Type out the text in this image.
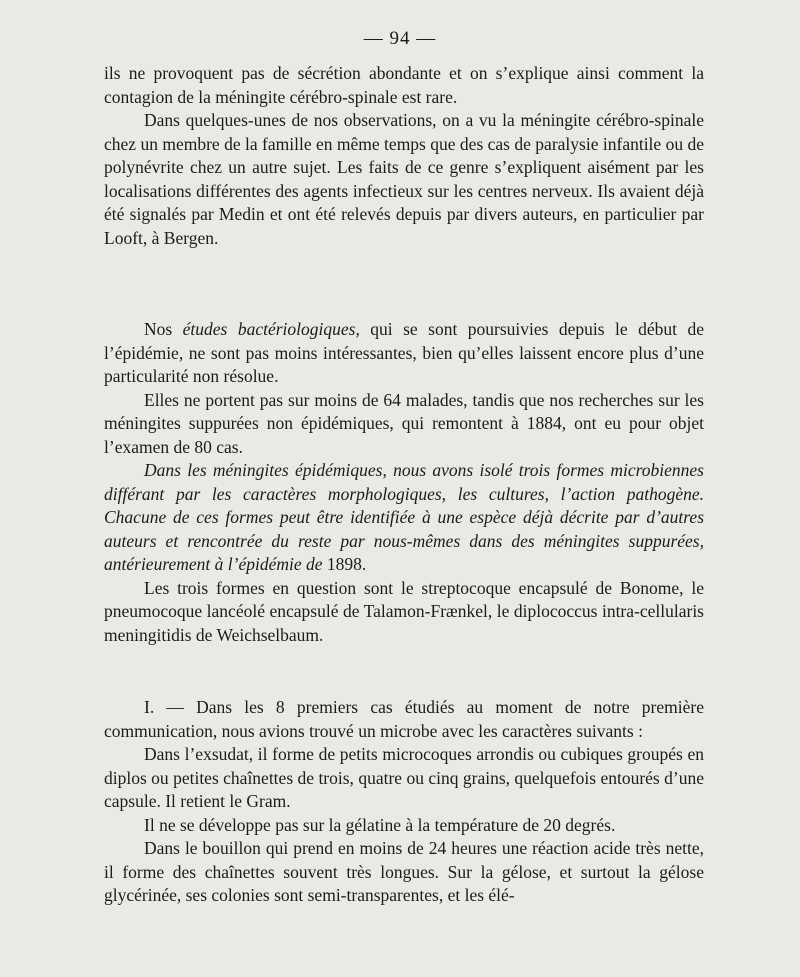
— 94 —

ils ne provoquent pas de sécrétion abondante et on s’explique ainsi comment la contagion de la méningite cérébro-spinale est rare.

Dans quelques-unes de nos observations, on a vu la méningite cérébro-spinale chez un membre de la famille en même temps que des cas de paralysie infantile ou de polynévrite chez un autre sujet. Les faits de ce genre s’expliquent aisément par les localisations différentes des agents infectieux sur les centres nerveux. Ils avaient déjà été signalés par Medin et ont été relevés depuis par divers auteurs, en particulier par Looft, à Bergen.

Nos études bactériologiques, qui se sont poursuivies depuis le début de l’épidémie, ne sont pas moins intéressantes, bien qu’elles laissent encore plus d’une particularité non résolue.

Elles ne portent pas sur moins de 64 malades, tandis que nos recherches sur les méningites suppurées non épidémiques, qui remontent à 1884, ont eu pour objet l’examen de 80 cas.

Dans les méningites épidémiques, nous avons isolé trois formes microbiennes différant par les caractères morphologiques, les cultures, l’action pathogène. Chacune de ces formes peut être identifiée à une espèce déjà décrite par d’autres auteurs et rencontrée du reste par nous-mêmes dans des méningites suppurées, antérieurement à l’épidémie de 1898.

Les trois formes en question sont le streptocoque encapsulé de Bonome, le pneumocoque lancéolé encapsulé de Talamon-Frænkel, le diplococcus intra-cellularis meningitidis de Weichselbaum.

I. — Dans les 8 premiers cas étudiés au moment de notre première communication, nous avions trouvé un microbe avec les caractères suivants :

Dans l’exsudat, il forme de petits microcoques arrondis ou cubiques groupés en diplos ou petites chaînettes de trois, quatre ou cinq grains, quelquefois entourés d’une capsule. Il retient le Gram.

Il ne se développe pas sur la gélatine à la température de 20 degrés.

Dans le bouillon qui prend en moins de 24 heures une réaction acide très nette, il forme des chaînettes souvent très longues. Sur la gélose, et surtout la gélose glycérinée, ses colonies sont semi-transparentes, et les élé-
